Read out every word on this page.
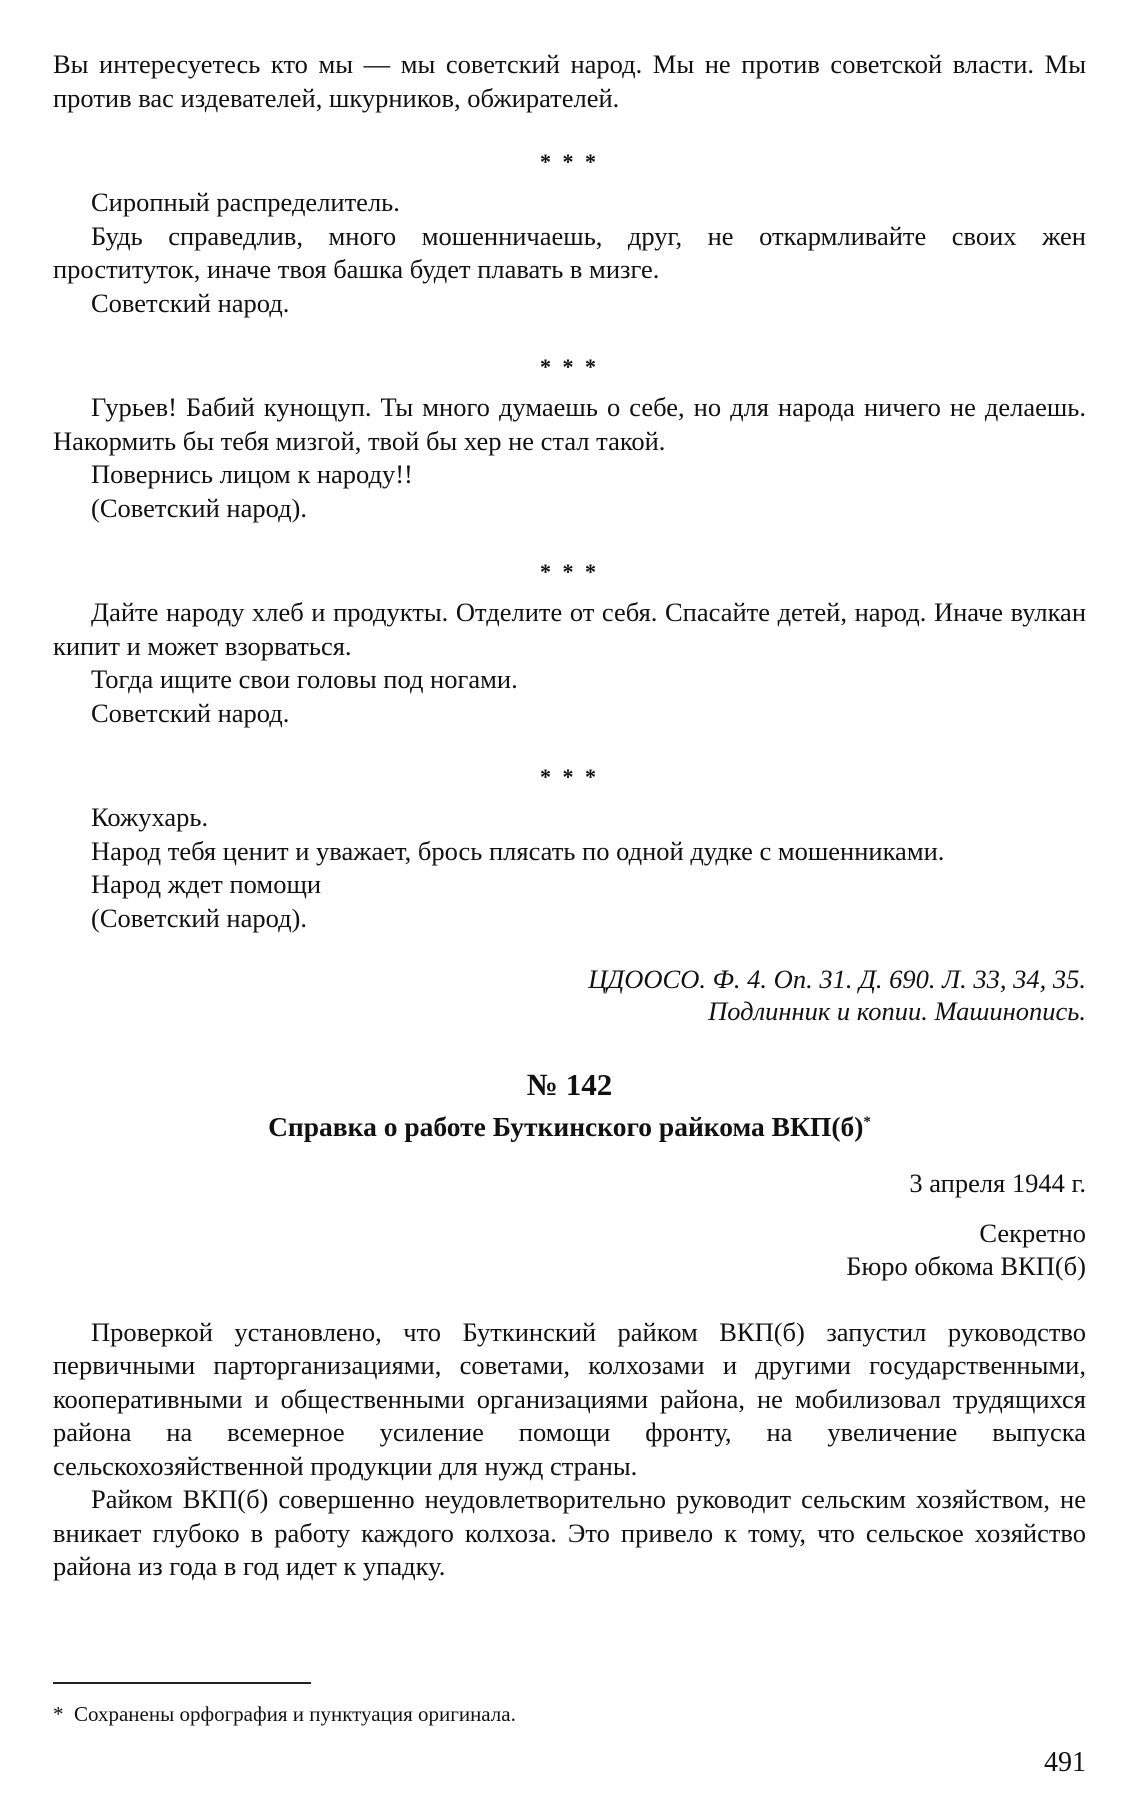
Вы интересуетесь кто мы — мы советский народ. Мы не против советской власти. Мы против вас издевателей, шкурников, обжирателей.

* * *

Сиропный распределитель.

Будь справедлив, много мошенничаешь, друг, не откармливайте своих жен проституток, иначе твоя башка будет плавать в мизге.

Советский народ.

* * *

Гурьев! Бабий кунощуп. Ты много думаешь о себе, но для народа ничего не делаешь. Накормить бы тебя мизгой, твой бы хер не стал такой.

Повернись лицом к народу!!

(Советский народ).

* * *

Дайте народу хлеб и продукты. Отделите от себя. Спасайте детей, народ. Иначе вулкан кипит и может взорваться.

Тогда ищите свои головы под ногами.

Советский народ.

* * *

Кожухарь.

Народ тебя ценит и уважает, брось плясать по одной дудке с мошенниками.

Народ ждет помощи

(Советский народ).

ЦДООСО. Ф. 4. Оп. 31. Д. 690. Л. 33, 34, 35.
Подлинник и копии. Машинопись.
№ 142
Справка о работе Буткинского райкома ВКП(б)*
3 апреля 1944 г.
Секретно
Бюро обкома ВКП(б)

Проверкой установлено, что Буткинский райком ВКП(б) запустил руководство первичными парторганизациями, советами, колхозами и другими государственными, кооперативными и общественными организациями района, не мобилизовал трудящихся района на всемерное усиление помощи фронту, на увеличение выпуска сельскохозяйственной продукции для нужд страны.

Райком ВКП(б) совершенно неудовлетворительно руководит сельским хозяйством, не вникает глубоко в работу каждого колхоза. Это привело к тому, что сельское хозяйство района из года в год идет к упадку.

* Сохранены орфография и пунктуация оригинала.
491
